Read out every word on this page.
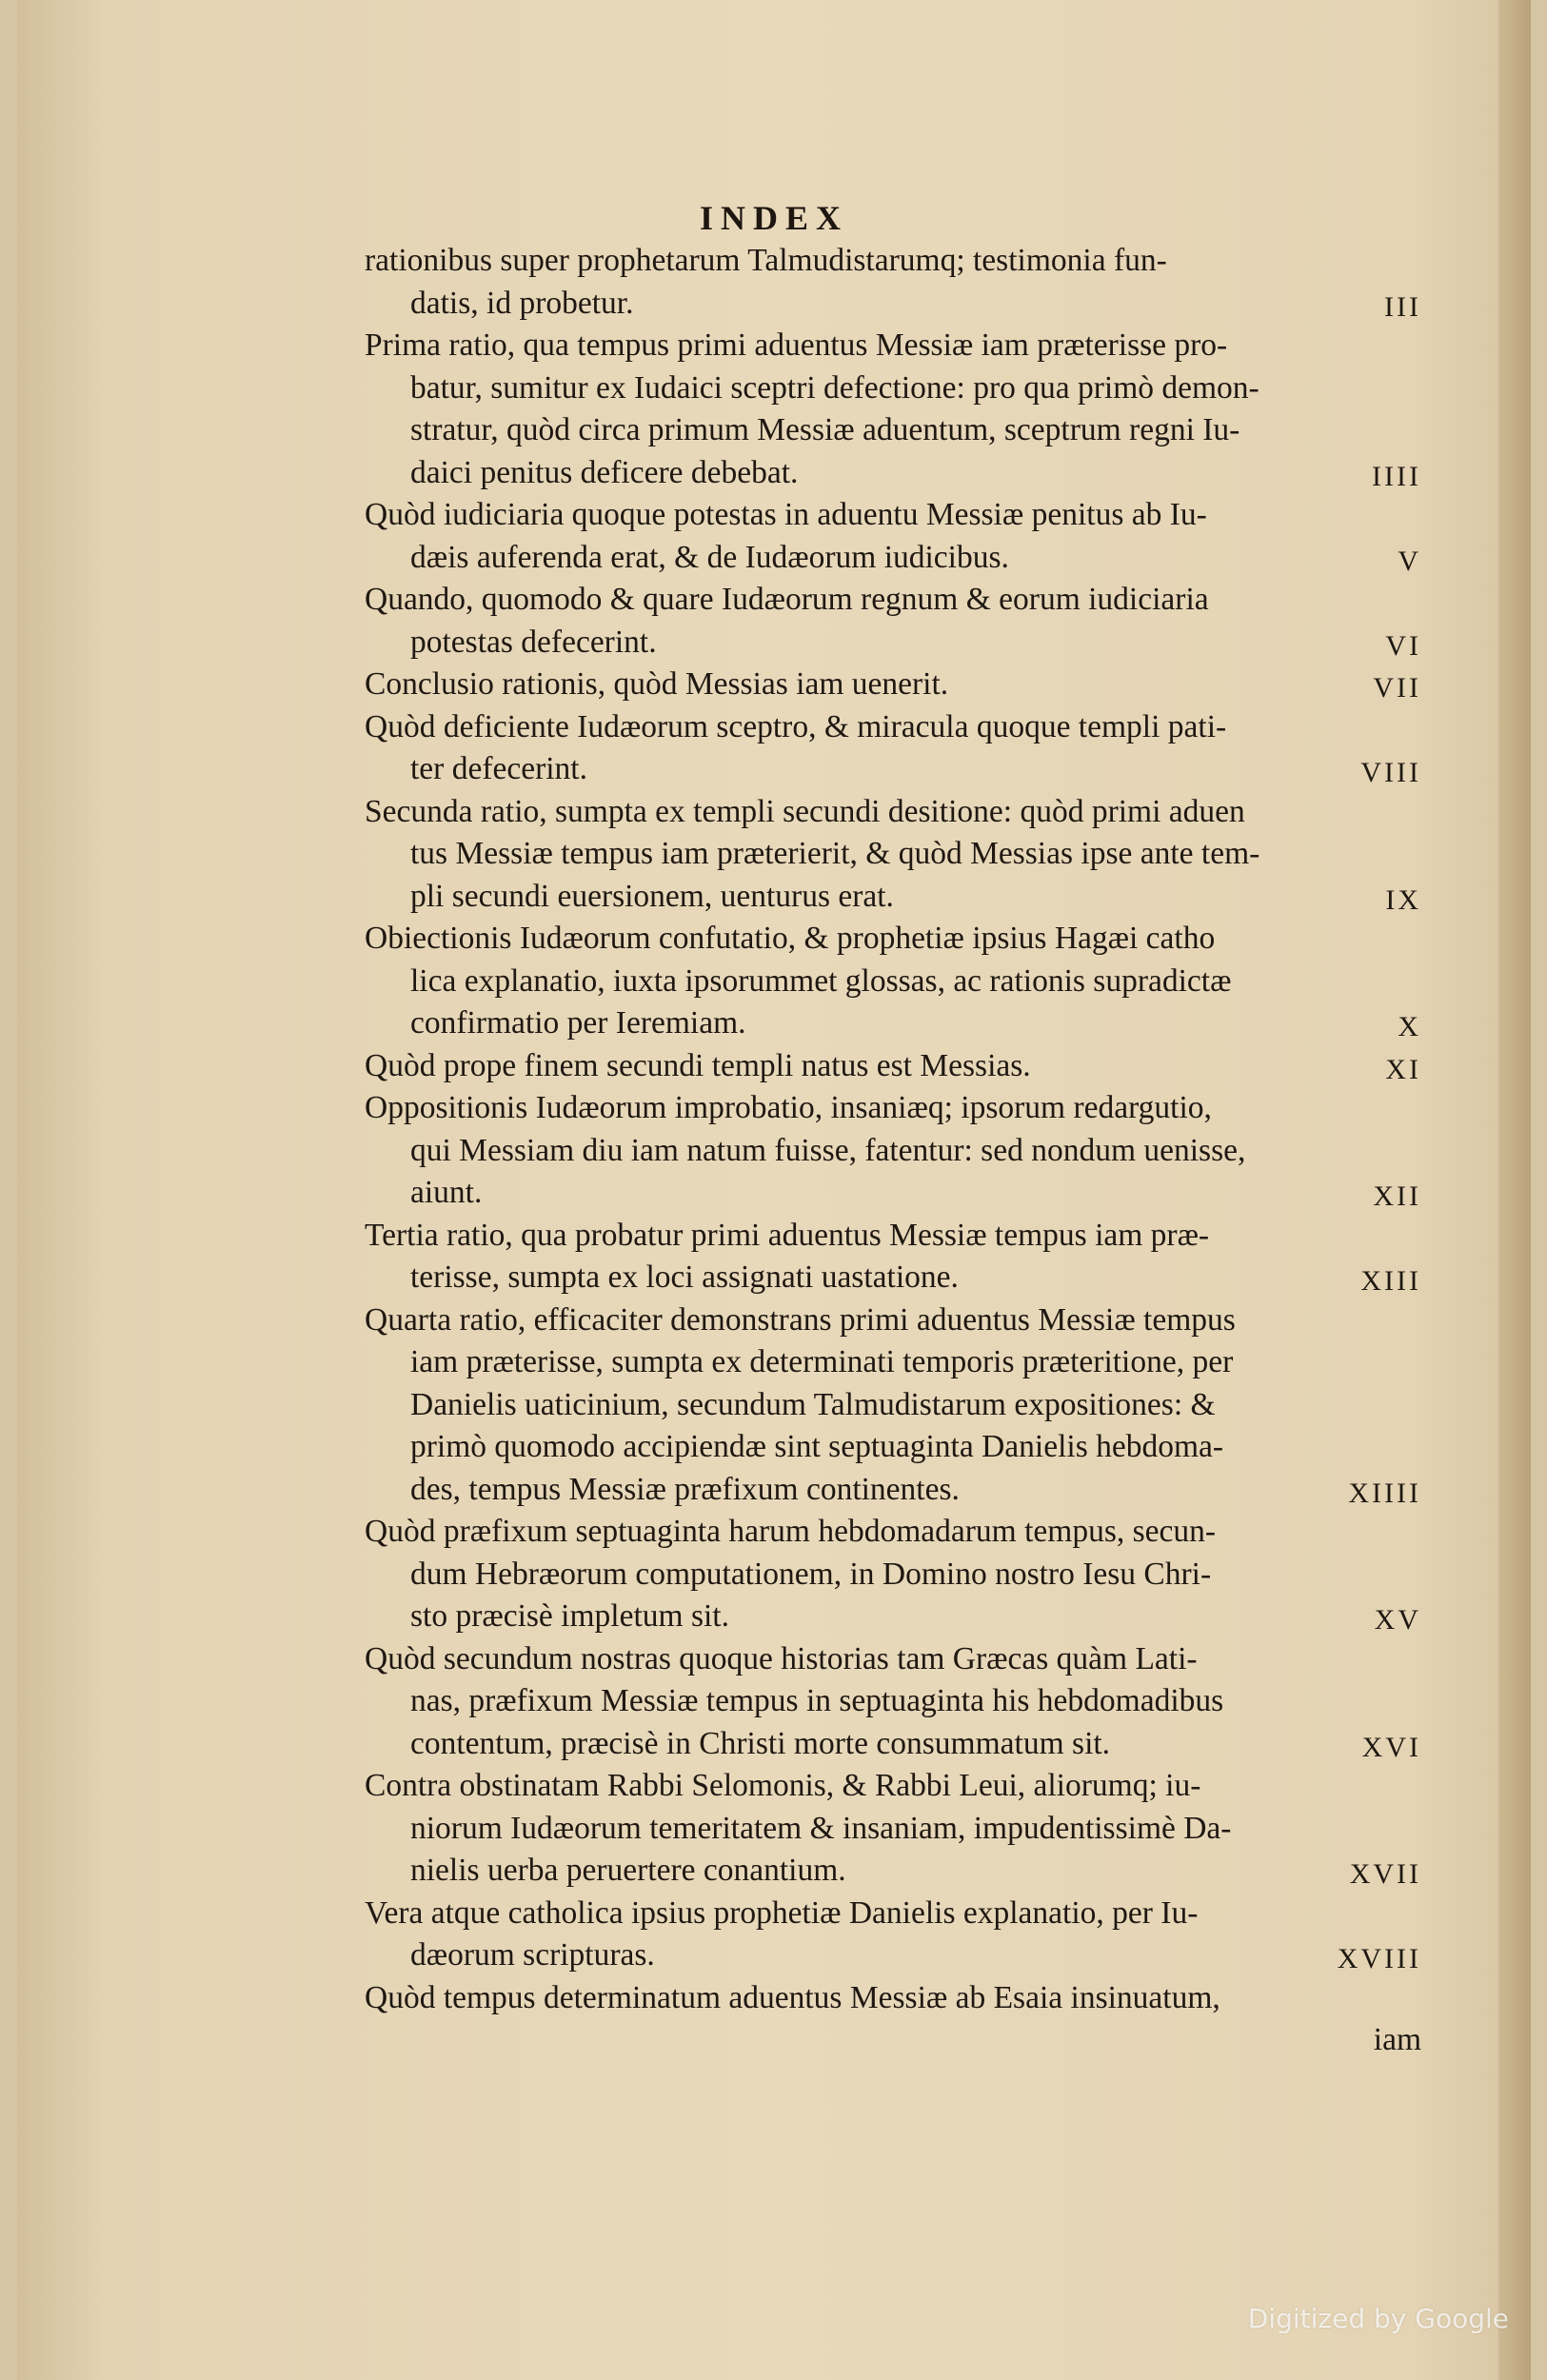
INDEX
rationibus super prophetarum Talmudistarumq; testimonia fun-
datis, id probetur.	III
Prima ratio, qua tempus primi aduentus Messiæ iam præterisse pro-
batur, sumitur ex Iudaici sceptri defectione: pro qua primò demon-
stratur, quòd circa primum Messiæ aduentum, sceptrum regni Iu-
daici penitus deficere debebat.	IIII
Quòd iudiciaria quoque potestas in aduentu Messiæ penitus ab Iu-
dæis auferenda erat, & de Iudæorum iudicibus.	V
Quando, quomodo & quare Iudæorum regnum & eorum iudiciaria
potestas defecerint.	VI
Conclusio rationis, quòd Messias iam uenerit.	VII
Quòd deficiente Iudæorum sceptro, & miracula quoque templi pati-
ter defecerint.	VIII
Secunda ratio, sumpta ex templi secundi desitione: quòd primi aduen
tus Messiæ tempus iam præterierit, & quòd Messias ipse ante tem-
pli secundi euersionem, uenturus erat.	IX
Obiectionis Iudæorum confutatio, & prophetiæ ipsius Hagæi catho
lica explanatio, iuxta ipsorummet glossas, ac rationis supradictæ
confirmatio per Ieremiam.	X
Quòd prope finem secundi templi natus est Messias.	XI
Oppositionis Iudæorum improbatio, insaniæq; ipsorum redargutio,
qui Messiam diu iam natum fuisse, fatentur: sed nondum uenisse,
aiunt.	XII
Tertia ratio, qua probatur primi aduentus Messiæ tempus iam præ-
terisse, sumpta ex loci assignati uastatione.	XIII
Quarta ratio, efficaciter demonstrans primi aduentus Messiæ tempus
iam præterisse, sumpta ex determinati temporis præteritione, per
Danielis uaticinium, secundum Talmudistarum expositiones: &
primò quomodo accipiendæ sint septuaginta Danielis hebdoma-
des, tempus Messiæ præfixum continentes.	XIIII
Quòd præfixum septuaginta harum hebdomadarum tempus, secun-
dum Hebræorum computationem, in Domino nostro Iesu Chri-
sto præcisè impletum sit.	XV
Quòd secundum nostras quoque historias tam Græcas quàm Lati-
nas, præfixum Messiæ tempus in septuaginta his hebdomadibus
contentum, præcisè in Christi morte consummatum sit.	XVI
Contra obstinatam Rabbi Selomonis, & Rabbi Leui, aliorumq; iu-
niorum Iudæorum temeritatem & insaniam, impudentissimè Da-
nielis uerba peruertere conantium.	XVII
Vera atque catholica ipsius prophetiæ Danielis explanatio, per Iu-
dæorum scripturas.	XVIII
Quòd tempus determinatum aduentus Messiæ ab Esaia insinuatum,
iam
Digitized by Google
